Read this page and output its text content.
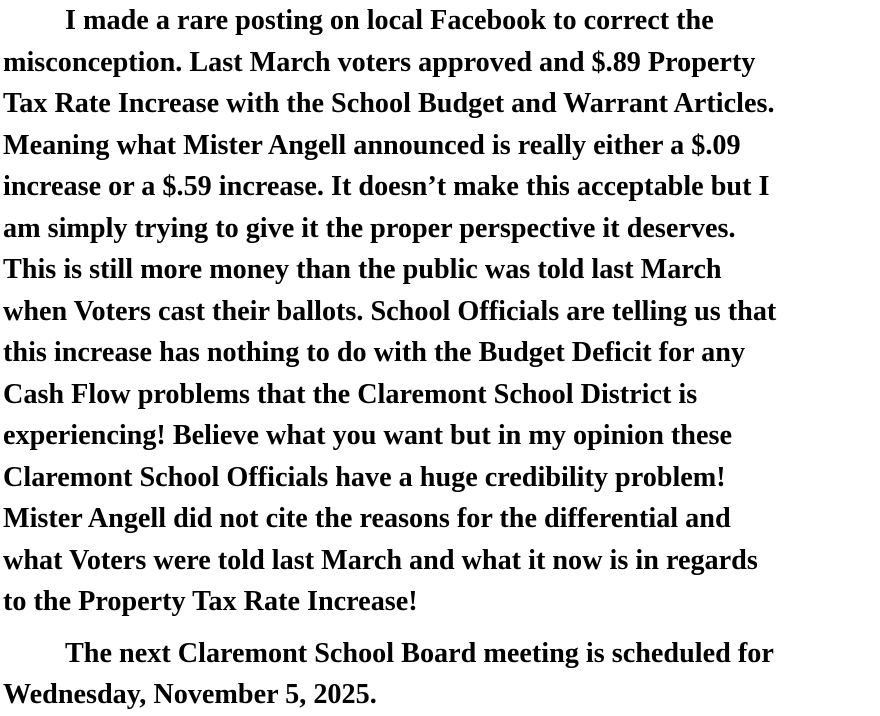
I made a rare posting on local Facebook to correct the
misconception. Last March voters approved and $.89 Property
Tax Rate Increase with the School Budget and Warrant Articles.
Meaning what Mister Angell announced is really either a $.09
increase or a $.59 increase. It doesn’t make this acceptable but I
am simply trying to give it the proper perspective it deserves.
This is still more money than the public was told last March
when Voters cast their ballots. School Officials are telling us that
this increase has nothing to do with the Budget Deficit for any
Cash Flow problems that the Claremont School District is
experiencing! Believe what you want but in my opinion these
Claremont School Officials have a huge credibility problem!
Mister Angell did not cite the reasons for the differential and
what Voters were told last March and what it now is in regards
to the Property Tax Rate Increase!
The next Claremont School Board meeting is scheduled for
Wednesday, November 5, 2025.
